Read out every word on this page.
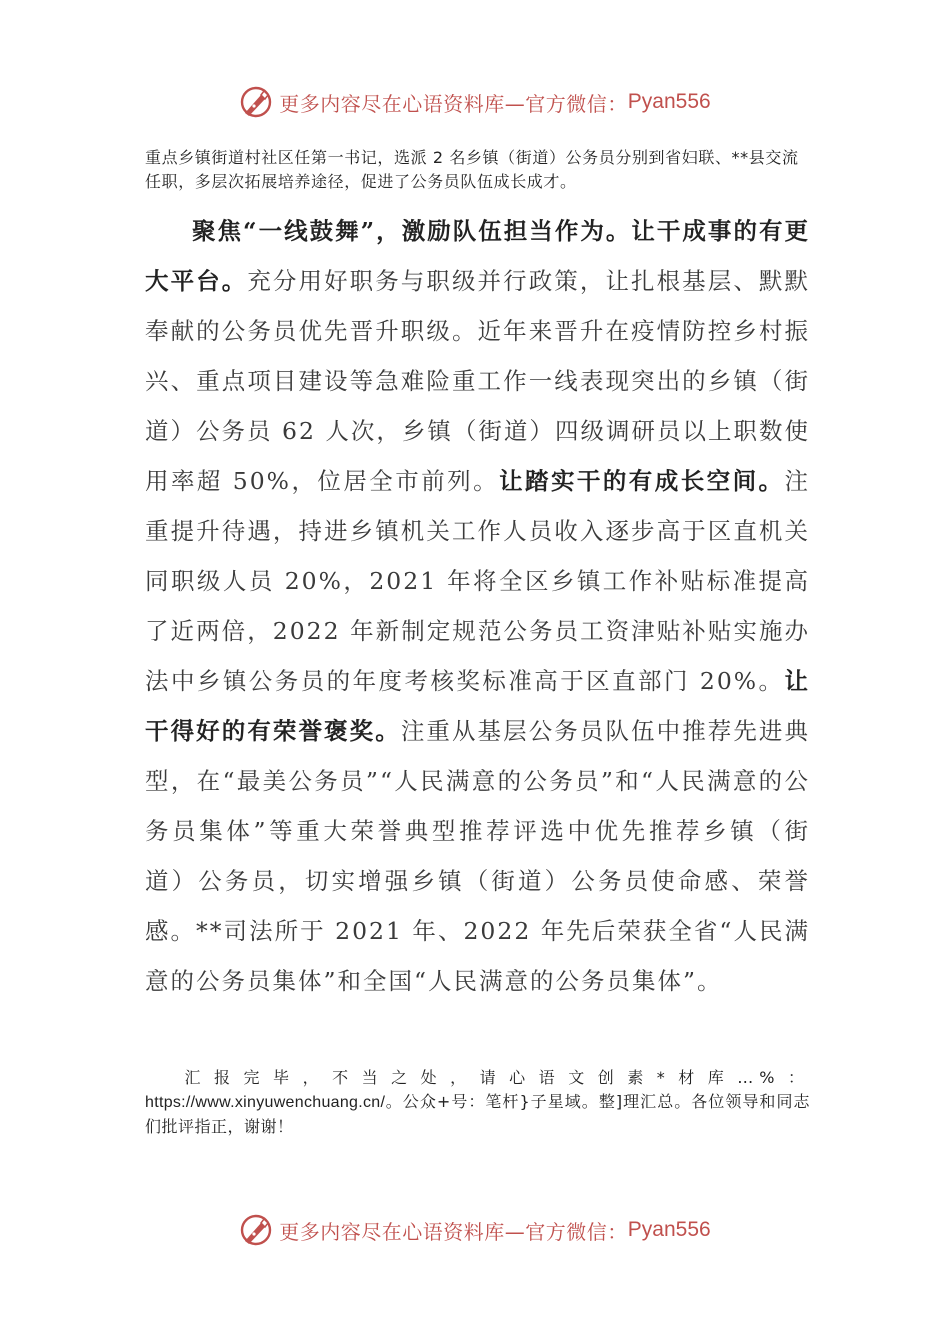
更多内容尽在心语资料库—官方微信： Pyan556
重点乡镇街道村社区任第一书记，选派 2 名乡镇（街道）公务员分别到省妇联、**县交流任职，多层次拓展培养途径，促进了公务员队伍成长成才。
聚焦“一线鼓舞”，激励队伍担当作为。让干成事的有更大平台。充分用好职务与职级并行政策，让扎根基层、默默奉献的公务员优先晋升职级。近年来晋升在疫情防控乡村振兴、重点项目建设等急难险重工作一线表现突出的乡镇（街道）公务员 62 人次，乡镇（街道）四级调研员以上职数使用率超 50%，位居全市前列。让踏实干的有成长空间。注重提升待遇，持进乡镇机关工作人员收入逐步高于区直机关同职级人员 20%，2021 年将全区乡镇工作补贴标准提高了近两倍，2022 年新制定规范公务员工资津贴补贴实施办法中乡镇公务员的年度考核奖标准高于区直部门 20%。让干得好的有荣誉褒奖。注重从基层公务员队伍中推荐先进典型，在“最美公务员”“人民满意的公务员”和“人民满意的公务员集体”等重大荣誉典型推荐评选中优先推荐乡镇（街道）公务员，切实增强乡镇（街道）公务员使命感、荣誉感。**司法所于 2021 年、2022 年先后荣获全省“人民满意的公务员集体”和全国“人民满意的公务员集体”。
汇报完毕，不当之处，请心语文创素*材库…%： https://www.xinyuwenchuang.cn/。公众+号：笔杆}子星域。整]理汇总。各位领导和同志们批评指正，谢谢！
更多内容尽在心语资料库—官方微信： Pyan556
